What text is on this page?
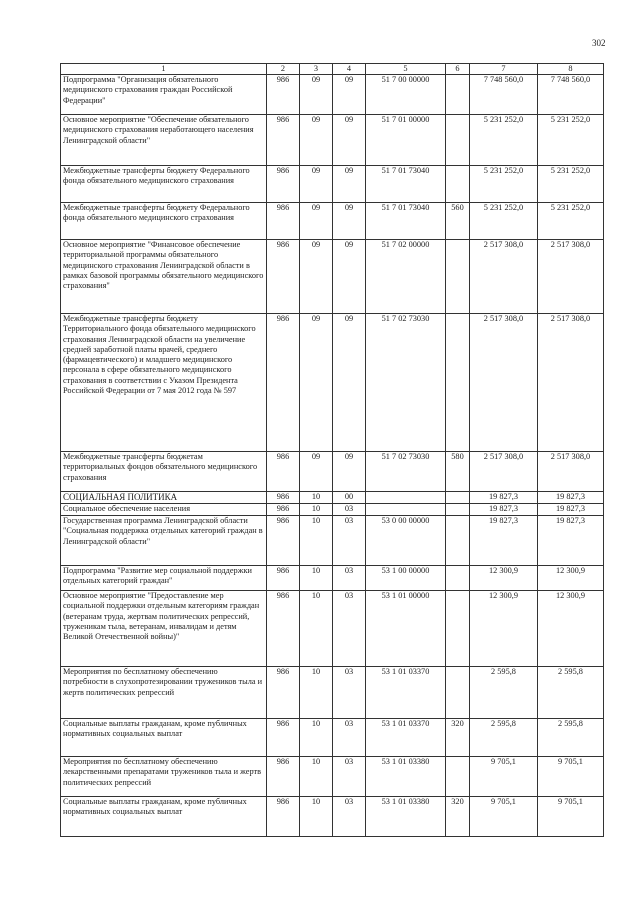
302
1	2	3	4	5	6	7	8
Подпрограмма "Организация обязательного медицинского страхования граждан Российской Федерации"	986	09	09	51 7 00 00000		7 748 560,0	7 748 560,0
Основное мероприятие "Обеспечение обязательного медицинского страхования неработающего населения Ленинградской области"	986	09	09	51 7 01 00000		5 231 252,0	5 231 252,0
Межбюджетные трансферты бюджету Федерального фонда обязательного медицинского страхования	986	09	09	51 7 01 73040		5 231 252,0	5 231 252,0
Межбюджетные трансферты бюджету Федерального фонда обязательного медицинского страхования	986	09	09	51 7 01 73040	560	5 231 252,0	5 231 252,0
Основное мероприятие "Финансовое обеспечение территориальной программы обязательного медицинского страхования Ленинградской области в рамках базовой программы обязательного медицинского страхования"	986	09	09	51 7 02 00000		2 517 308,0	2 517 308,0
Межбюджетные трансферты бюджету Территориального фонда обязательного медицинского страхования Ленинградской области на увеличение средней заработной платы врачей, среднего (фармацевтического) и младшего медицинского персонала в сфере обязательного медицинского страхования в соответствии с Указом Президента Российской Федерации от 7 мая 2012 года № 597	986	09	09	51 7 02 73030		2 517 308,0	2 517 308,0
Межбюджетные трансферты бюджетам территориальных фондов обязательного медицинского страхования	986	09	09	51 7 02 73030	580	2 517 308,0	2 517 308,0
СОЦИАЛЬНАЯ ПОЛИТИКА	986	10	00			19 827,3	19 827,3
Социальное обеспечение населения	986	10	03			19 827,3	19 827,3
Государственная программа Ленинградской области "Социальная поддержка отдельных категорий граждан в Ленинградской области"	986	10	03	53 0 00 00000		19 827,3	19 827,3
Подпрограмма "Развитие мер социальной поддержки отдельных категорий граждан"	986	10	03	53 1 00 00000		12 300,9	12 300,9
Основное мероприятие "Предоставление мер социальной поддержки отдельным категориям граждан (ветеранам труда, жертвам политических репрессий, труженикам тыла, ветеранам, инвалидам и детям Великой Отечественной войны)"	986	10	03	53 1 01 00000		12 300,9	12 300,9
Мероприятия по бесплатному обеспечению потребности в слухопротезировании тружеников тыла и жертв политических репрессий	986	10	03	53 1 01 03370		2 595,8	2 595,8
Социальные выплаты гражданам, кроме публичных нормативных социальных выплат	986	10	03	53 1 01 03370	320	2 595,8	2 595,8
Мероприятия по бесплатному обеспечению лекарственными препаратами тружеников тыла и жертв политических репрессий	986	10	03	53 1 01 03380		9 705,1	9 705,1
Социальные выплаты гражданам, кроме публичных нормативных социальных выплат	986	10	03	53 1 01 03380	320	9 705,1	9 705,1
